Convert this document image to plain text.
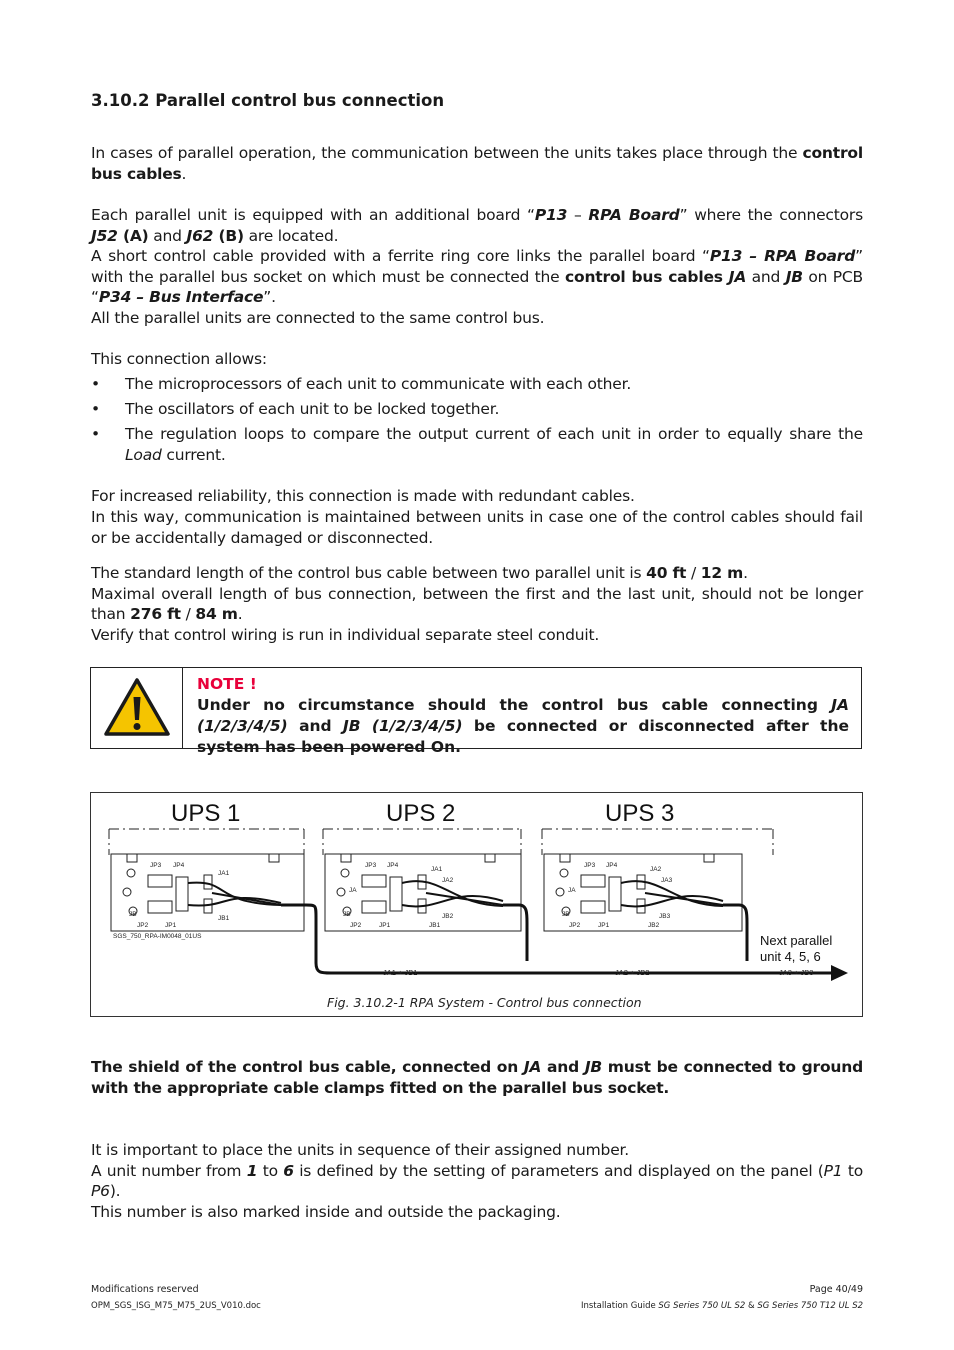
3.10.2 Parallel control bus connection
In cases of parallel operation, the communication between the units takes place through the control bus cables.
Each parallel unit is equipped with an additional board “P13 – RPA Board” where the connectors J52 (A) and J62 (B) are located.
A short control cable provided with a ferrite ring core links the parallel board “P13 – RPA Board” with the parallel bus socket on which must be connected the control bus cables JA and JB on PCB “P34 – Bus Interface”.
All the parallel units are connected to the same control bus.
This connection allows:
• The microprocessors of each unit to communicate with each other.
• The oscillators of each unit to be locked together.
• The regulation loops to compare the output current of each unit in order to equally share the Load current.
For increased reliability, this connection is made with redundant cables.
In this way, communication is maintained between units in case one of the control cables should fail or be accidentally damaged or disconnected.
The standard length of the control bus cable between two parallel unit is 40 ft / 12 m.
Maximal overall length of bus connection, between the first and the last unit, should not be longer than 276 ft / 84 m.
Verify that control wiring is run in individual separate steel conduit.
NOTE !
Under no circumstance should the control bus cable connecting JA (1/2/3/4/5) and JB (1/2/3/4/5) be connected or disconnected after the system has been powered On.
UPS 1	UPS 2	UPS 3
JP3 JP4
JA1
JB
JP2	JP1
JB1
JP3 JP4
JA1
JA2
JA
JB
JP2	JP1
JB2
JB1
JP3 JP4
JA2
JA3
JA
JB
JP2	JP1
JB3
JB2
SGS_750_RPA-IM0048_01US
JA1 + JB1	JA2 + JB2	JA3 + JB3
Next parallel
unit 4, 5, 6
Fig. 3.10.2-1 RPA System - Control bus connection
The shield of the control bus cable, connected on JA and JB must be connected to ground with the appropriate cable clamps fitted on the parallel bus socket.
It is important to place the units in sequence of their assigned number.
A unit number from 1 to 6 is defined by the setting of parameters and displayed on the panel (P1 to P6).
This number is also marked inside and outside the packaging.
Modifications reserved
OPM_SGS_ISG_M75_M75_2US_V010.doc
Page 40/49
Installation Guide SG Series 750 UL S2 & SG Series 750 T12 UL S2
